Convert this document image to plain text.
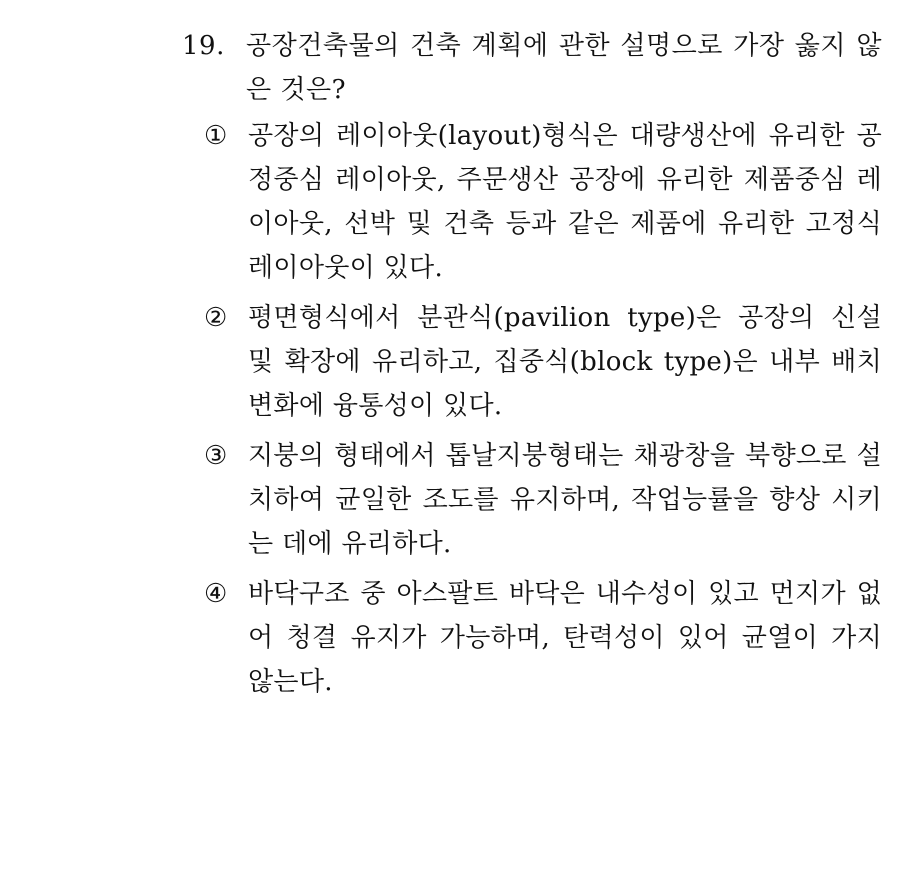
19. 공장건축물의 건축 계획에 관한 설명으로 가장 옳지 않은 것은?

① 공장의 레이아웃(layout)형식은 대량생산에 유리한 공정중심 레이아웃, 주문생산 공장에 유리한 제품중심 레이아웃, 선박 및 건축 등과 같은 제품에 유리한 고정식 레이아웃이 있다.
② 평면형식에서 분관식(pavilion type)은 공장의 신설 및 확장에 유리하고, 집중식(block type)은 내부 배치 변화에 융통성이 있다.
③ 지붕의 형태에서 톱날지붕형태는 채광창을 북향으로 설치하여 균일한 조도를 유지하며, 작업능률을 향상 시키는 데에 유리하다.
④ 바닥구조 중 아스팔트 바닥은 내수성이 있고 먼지가 없어 청결 유지가 가능하며, 탄력성이 있어 균열이 가지 않는다.
